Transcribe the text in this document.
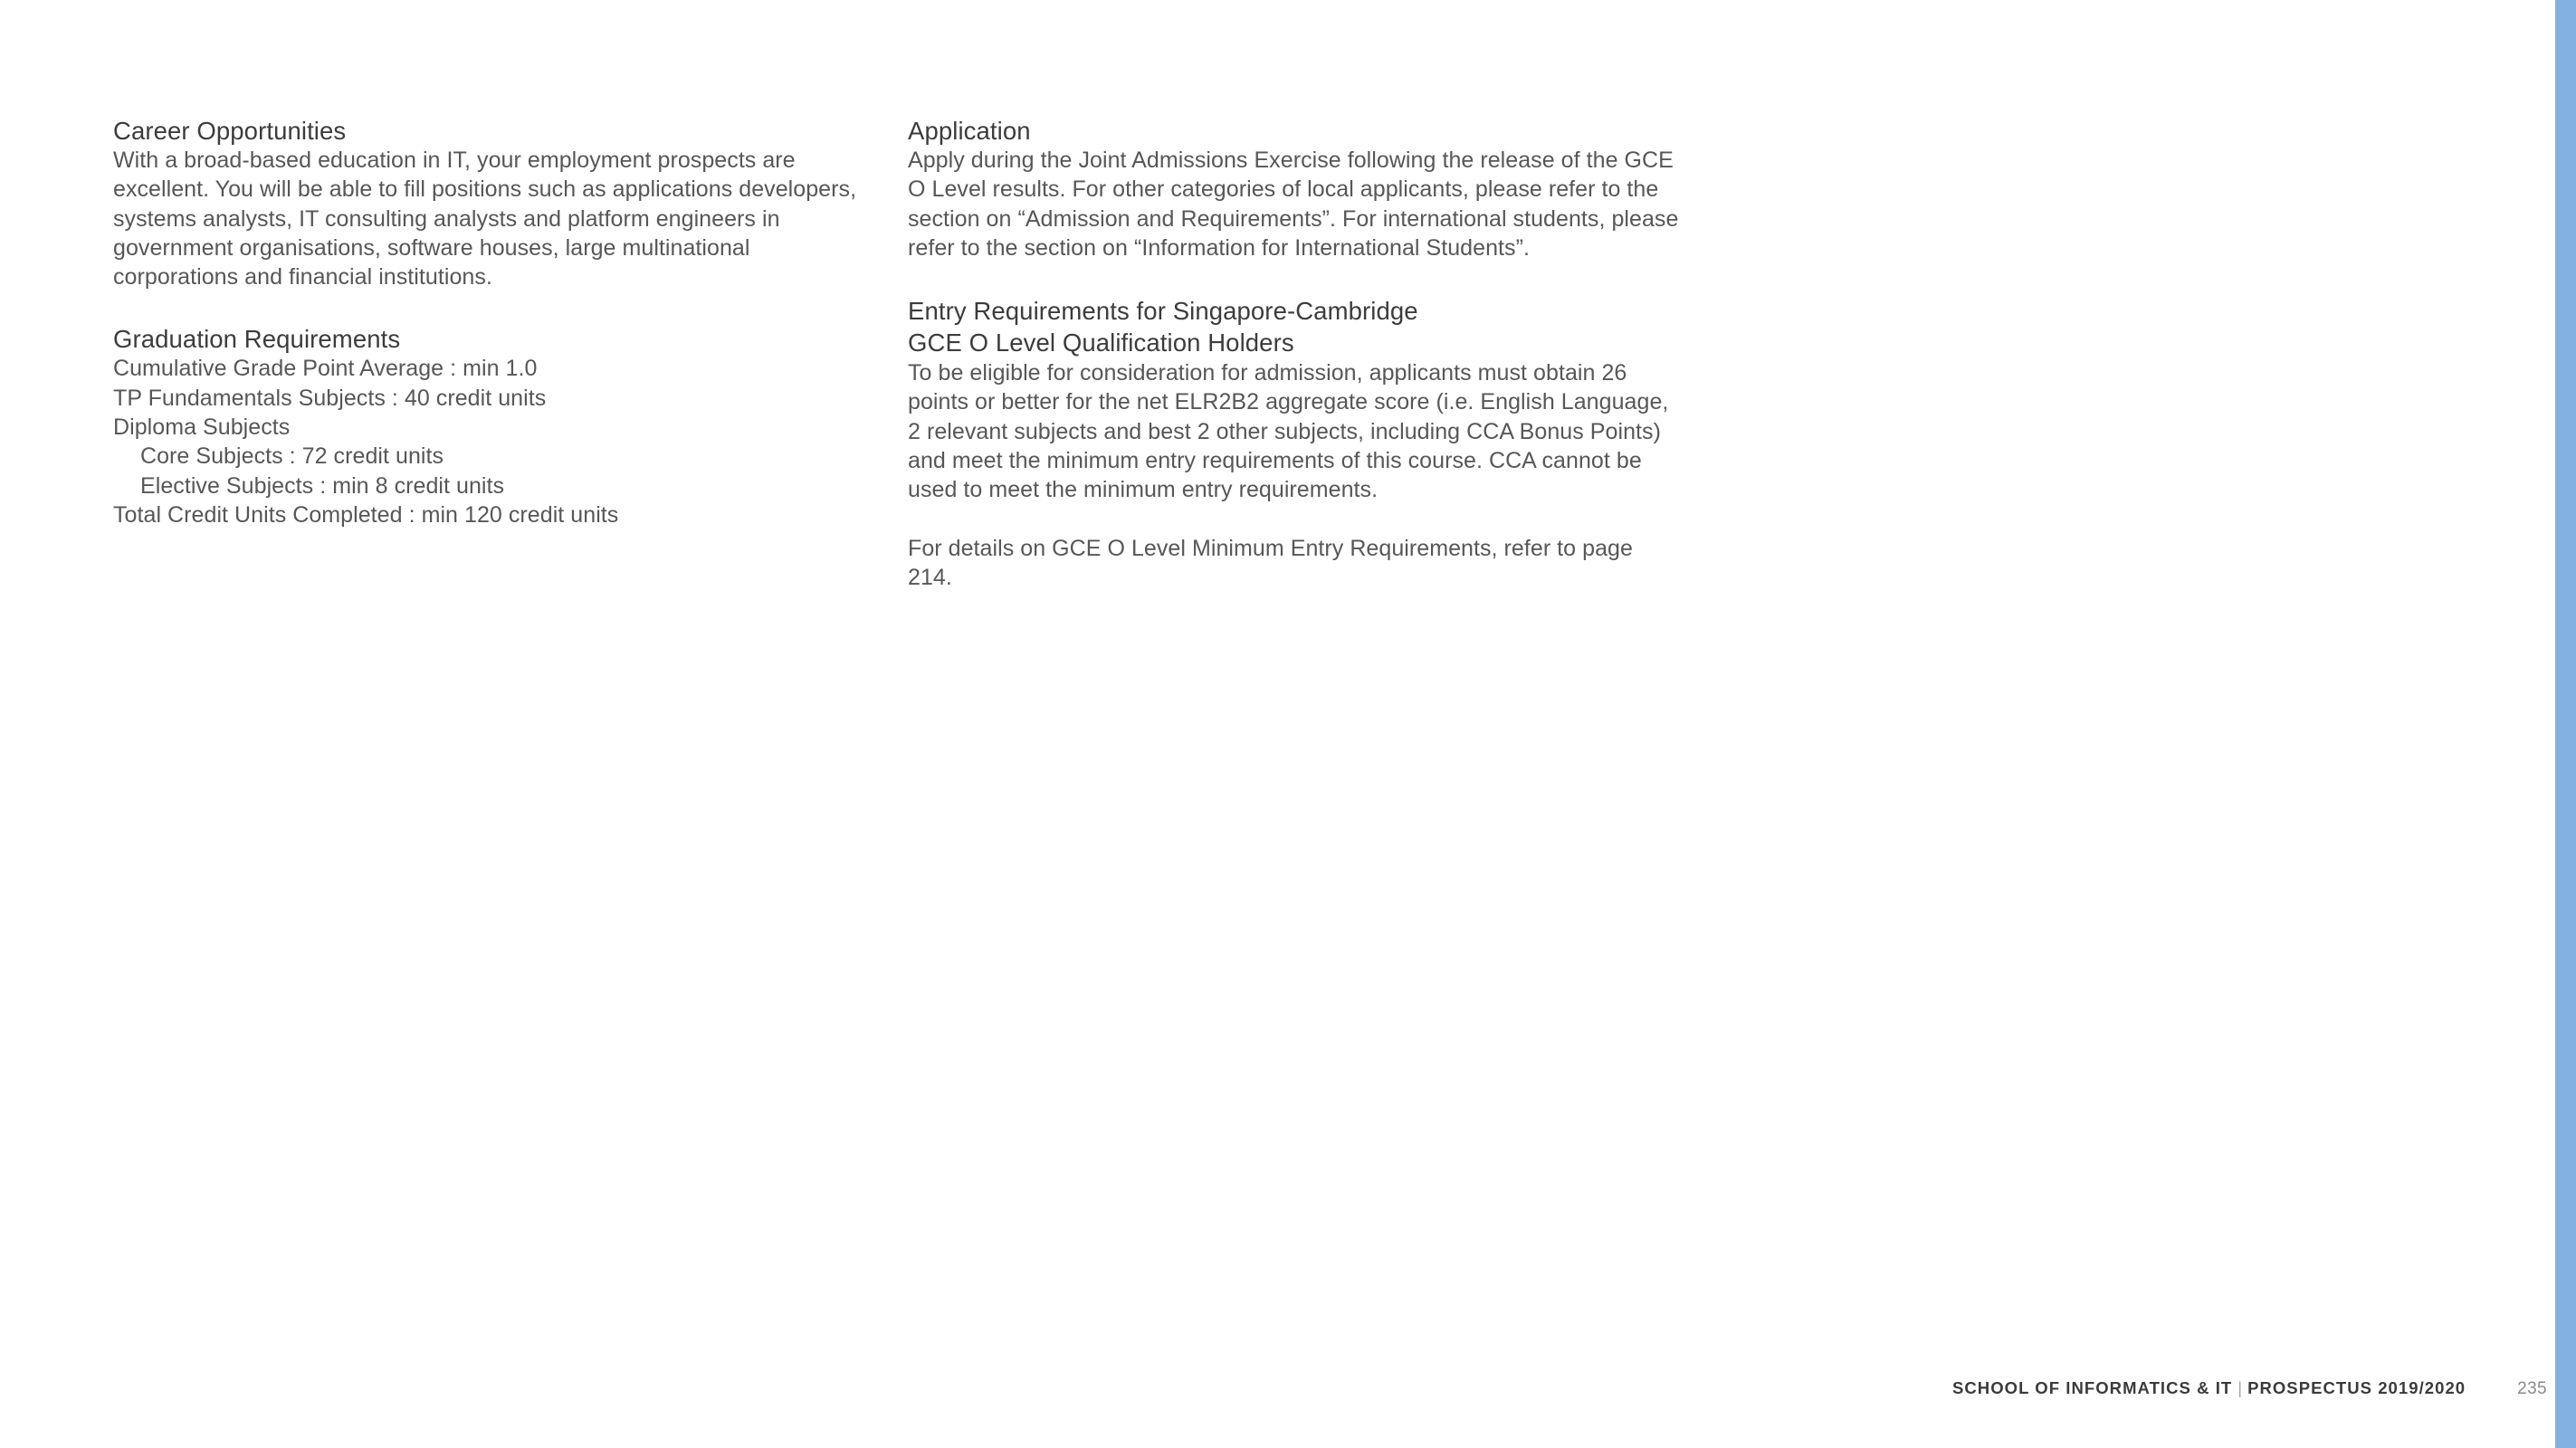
Career Opportunities

With a broad-based education in IT, your employment prospects are excellent. You will be able to fill positions such as applications developers, systems analysts, IT consulting analysts and platform engineers in government organisations, software houses, large multinational corporations and financial institutions.

Graduation Requirements
Cumulative Grade Point Average : min 1.0
TP Fundamentals Subjects : 40 credit units
Diploma Subjects
Core Subjects : 72 credit units
Elective Subjects : min 8 credit units
Total Credit Units Completed : min 120 credit units
Application

Apply during the Joint Admissions Exercise following the release of the GCE O Level results. For other categories of local applicants, please refer to the section on “Admission and Requirements”. For international students, please refer to the section on “Information for International Students”.

Entry Requirements for Singapore-Cambridge
GCE O Level Qualification Holders

To be eligible for consideration for admission, applicants must obtain 26 points or better for the net ELR2B2 aggregate score (i.e. English Language, 2 relevant subjects and best 2 other subjects, including CCA Bonus Points) and meet the minimum entry requirements of this course. CCA cannot be used to meet the minimum entry requirements.

For details on GCE O Level Minimum Entry Requirements, refer to page 214.

SCHOOL OF INFORMATICS & IT | PROSPECTUS 2019/2020	235
